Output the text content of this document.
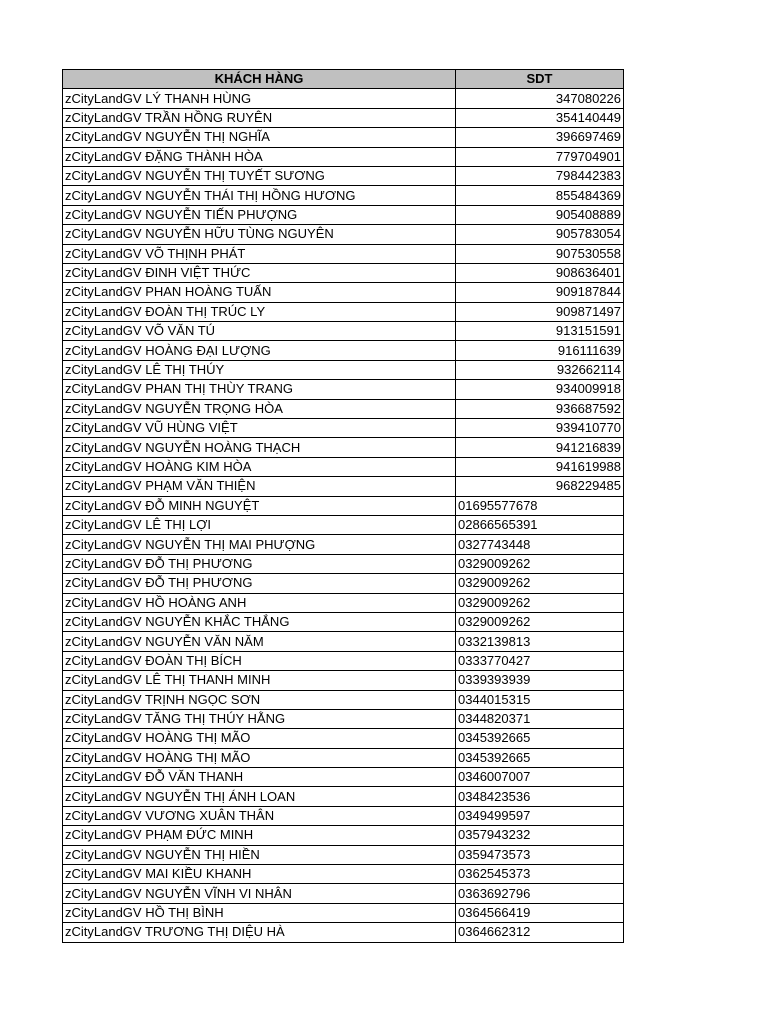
KHÁCH HÀNG	SDT
zCityLandGV LÝ THANH HÙNG	347080226
zCityLandGV TRẦN HỒNG RUYÊN	354140449
zCityLandGV NGUYỄN THỊ NGHĨA	396697469
zCityLandGV ĐẶNG THÀNH HÒA	779704901
zCityLandGV NGUYỄN THỊ TUYẾT SƯƠNG	798442383
zCityLandGV NGUYỄN THÁI THỊ HỒNG HƯƠNG	855484369
zCityLandGV NGUYỄN TIẾN PHƯỢNG	905408889
zCityLandGV NGUYỄN HỮU TÙNG NGUYÊN	905783054
zCityLandGV VÕ THỊNH PHÁT	907530558
zCityLandGV ĐINH VIỆT THỨC	908636401
zCityLandGV PHAN HOÀNG TUẤN	909187844
zCityLandGV ĐOÀN THỊ TRÚC LY	909871497
zCityLandGV VÕ VĂN TÚ	913151591
zCityLandGV HOÀNG ĐẠI LƯỢNG	916111639
zCityLandGV LÊ THỊ THÚY	932662114
zCityLandGV PHAN THỊ THÙY TRANG	934009918
zCityLandGV NGUYỄN TRỌNG HÒA	936687592
zCityLandGV VŨ HÙNG VIỆT	939410770
zCityLandGV NGUYỄN HOÀNG THẠCH	941216839
zCityLandGV HOÀNG KIM HÒA	941619988
zCityLandGV PHẠM VĂN THIỆN	968229485
zCityLandGV ĐỖ MINH NGUYỆT	01695577678
zCityLandGV LÊ THỊ LỢI	02866565391
zCityLandGV NGUYỄN THỊ MAI PHƯỢNG	0327743448
zCityLandGV ĐỖ THỊ PHƯƠNG	0329009262
zCityLandGV ĐỖ THỊ PHƯƠNG	0329009262
zCityLandGV HỒ HOÀNG ANH	0329009262
zCityLandGV NGUYỄN KHẮC THẮNG	0329009262
zCityLandGV NGUYỄN VĂN NĂM	0332139813
zCityLandGV ĐOÀN THỊ BÍCH	0333770427
zCityLandGV LÊ THỊ THANH MINH	0339393939
zCityLandGV TRỊNH NGỌC SƠN	0344015315
zCityLandGV TĂNG THỊ THÚY HẰNG	0344820371
zCityLandGV HOÀNG THỊ MÃO	0345392665
zCityLandGV HOÀNG THỊ MÃO	0345392665
zCityLandGV ĐỖ VĂN THANH	0346007007
zCityLandGV NGUYỄN THỊ ÁNH LOAN	0348423536
zCityLandGV VƯƠNG XUÂN THÂN	0349499597
zCityLandGV PHẠM ĐỨC MINH	0357943232
zCityLandGV NGUYỄN THỊ HIỀN	0359473573
zCityLandGV MAI KIỀU KHANH	0362545373
zCityLandGV NGUYỄN VĨNH VI NHÂN	0363692796
zCityLandGV HỒ THỊ BÌNH	0364566419
zCityLandGV TRƯƠNG THỊ DIỆU HÀ	0364662312
